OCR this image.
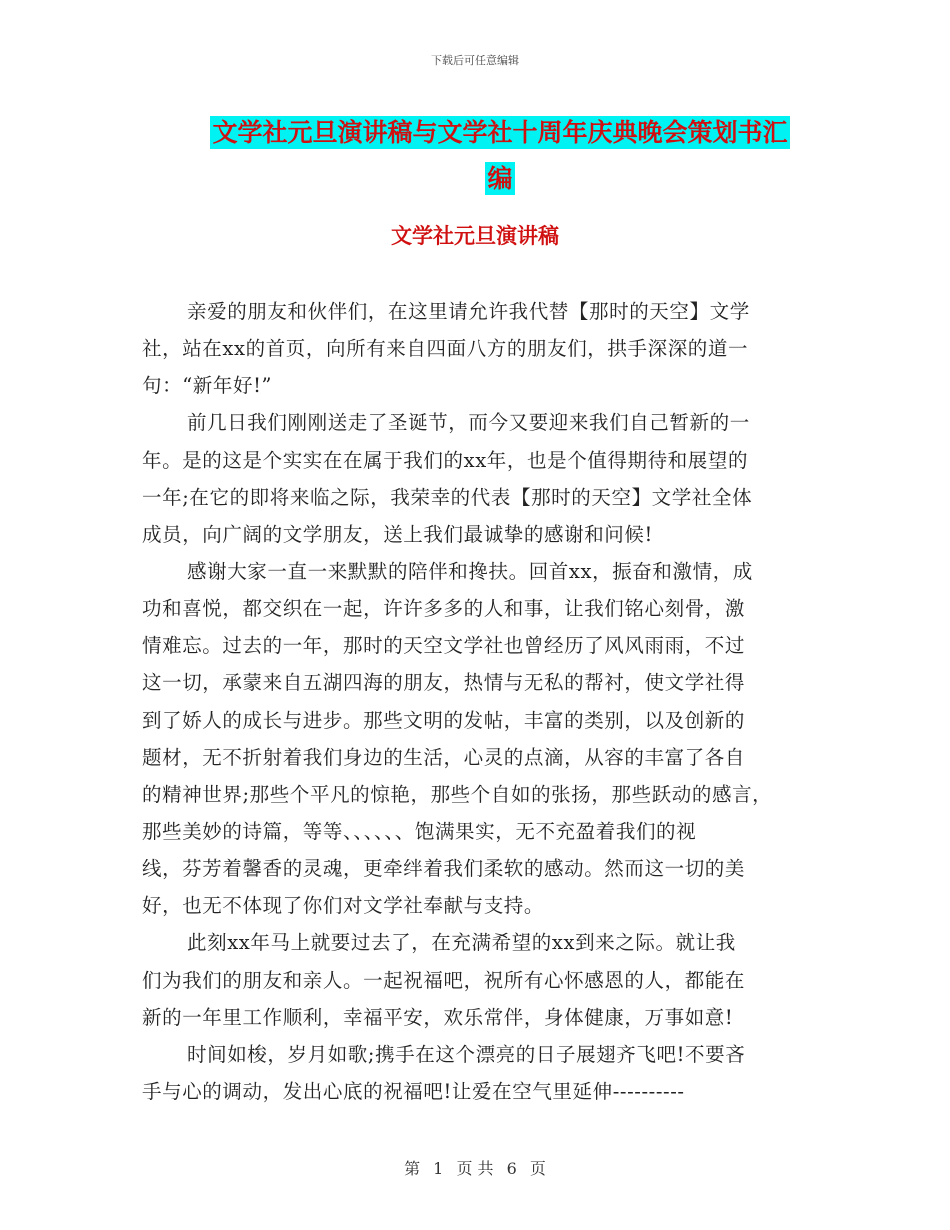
下载后可任意编辑
文学社元旦演讲稿与文学社十周年庆典晚会策划书汇
编
文学社元旦演讲稿
亲爱的朋友和伙伴们，在这里请允许我代替【那时的天空】文学
社，站在xx的首页，向所有来自四面八方的朋友们，拱手深深的道一
句：“新年好!”
前几日我们刚刚送走了圣诞节，而今又要迎来我们自己暂新的一
年。是的这是个实实在在属于我们的xx年，也是个值得期待和展望的
一年;在它的即将来临之际，我荣幸的代表【那时的天空】文学社全体
成员，向广阔的文学朋友，送上我们最诚挚的感谢和问候!
感谢大家一直一来默默的陪伴和搀扶。回首xx，振奋和激情，成
功和喜悦，都交织在一起，许许多多的人和事，让我们铭心刻骨，激
情难忘。过去的一年，那时的天空文学社也曾经历了风风雨雨，不过
这一切，承蒙来自五湖四海的朋友，热情与无私的帮衬，使文学社得
到了娇人的成长与进步。那些文明的发帖，丰富的类别，以及创新的
题材，无不折射着我们身边的生活，心灵的点滴，从容的丰富了各自
的精神世界;那些个平凡的惊艳，那些个自如的张扬，那些跃动的感言，
那些美妙的诗篇，等等、、、、、、饱满果实，无不充盈着我们的视
线，芬芳着馨香的灵魂，更牵绊着我们柔软的感动。然而这一切的美
好，也无不体现了你们对文学社奉献与支持。
此刻xx年马上就要过去了，在充满希望的xx到来之际。就让我
们为我们的朋友和亲人。一起祝福吧，祝所有心怀感恩的人，都能在
新的一年里工作顺利，幸福平安，欢乐常伴，身体健康，万事如意!
时间如梭，岁月如歌;携手在这个漂亮的日子展翅齐飞吧!不要吝
手与心的调动，发出心底的祝福吧!让爱在空气里延伸----------
第 1 页 共 6 页
